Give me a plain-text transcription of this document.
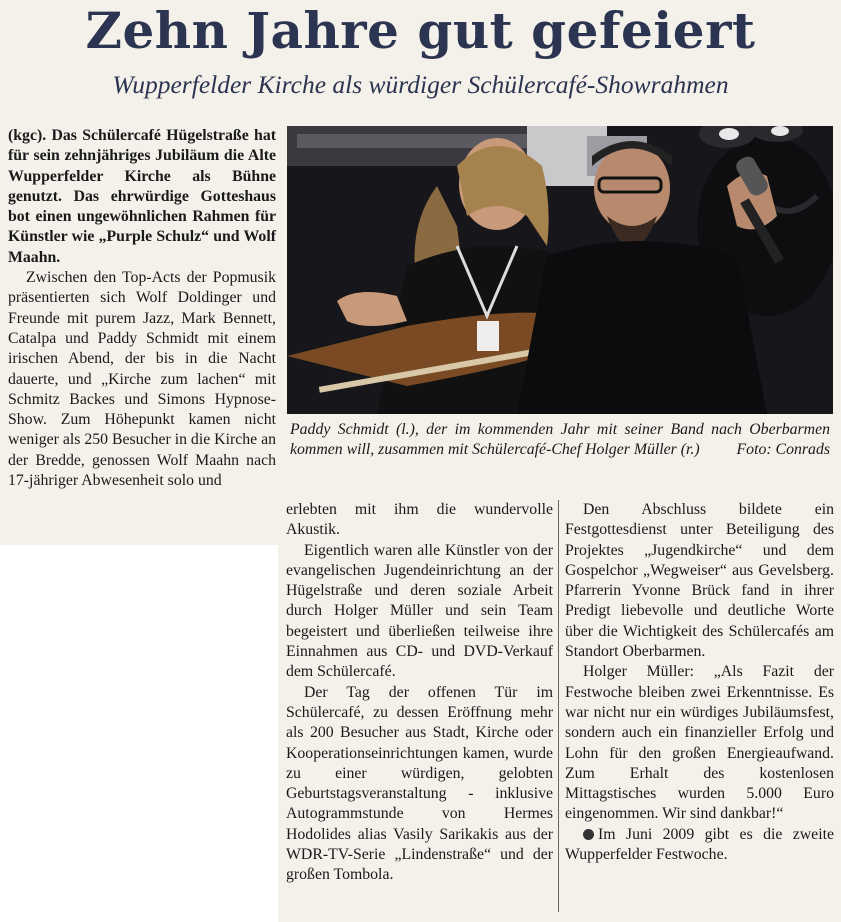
Zehn Jahre gut gefeiert
Wupperfelder Kirche als würdiger Schülercafé-Showrahmen

(kgc). Das Schülercafé Hügelstraße hat für sein zehnjähriges Jubiläum die Alte Wupperfelder Kirche als Bühne genutzt. Das ehrwürdige Gotteshaus bot einen ungewöhnlichen Rahmen für Künstler wie „Purple Schulz“ und Wolf Maahn.

Zwischen den Top-Acts der Popmusik präsentierten sich Wolf Doldinger und Freunde mit purem Jazz, Mark Bennett, Catalpa und Paddy Schmidt mit einem irischen Abend, der bis in die Nacht dauerte, und „Kirche zum lachen“ mit Schmitz Backes und Simons Hypnose-Show. Zum Höhepunkt kamen nicht weniger als 250 Besucher in die Kirche an der Bredde, genossen Wolf Maahn nach 17-jähriger Abwesenheit solo und

Paddy Schmidt (l.), der im kommenden Jahr mit seiner Band nach Oberbarmen kommen will, zusammen mit Schülercafé-Chef Holger Müller (r.) Foto: Conrads

erlebten mit ihm die wundervolle Akustik.

Eigentlich waren alle Künstler von der evangelischen Jugendeinrichtung an der Hügelstraße und deren soziale Arbeit durch Holger Müller und sein Team begeistert und überließen teilweise ihre Einnahmen aus CD- und DVD-Verkauf dem Schülercafé.

Der Tag der offenen Tür im Schülercafé, zu dessen Eröffnung mehr als 200 Besucher aus Stadt, Kirche oder Kooperationseinrichtungen kamen, wurde zu einer würdigen, gelobten Geburtstagsveranstaltung - inklusive Autogrammstunde von Hermes Hodolides alias Vasily Sarikakis aus der WDR-TV-Serie „Lindenstraße“ und der großen Tombola.

Den Abschluss bildete ein Festgottesdienst unter Beteiligung des Projektes „Jugendkirche“ und dem Gospelchor „Wegweiser“ aus Gevelsberg. Pfarrerin Yvonne Brück fand in ihrer Predigt liebevolle und deutliche Worte über die Wichtigkeit des Schülercafés am Standort Oberbarmen.

Holger Müller: „Als Fazit der Festwoche bleiben zwei Erkenntnisse. Es war nicht nur ein würdiges Jubiläumsfest, sondern auch ein finanzieller Erfolg und Lohn für den großen Energieaufwand. Zum Erhalt des kostenlosen Mittagstisches wurden 5.000 Euro eingenommen. Wir sind dankbar!“

Im Juni 2009 gibt es die zweite Wupperfelder Festwoche.
